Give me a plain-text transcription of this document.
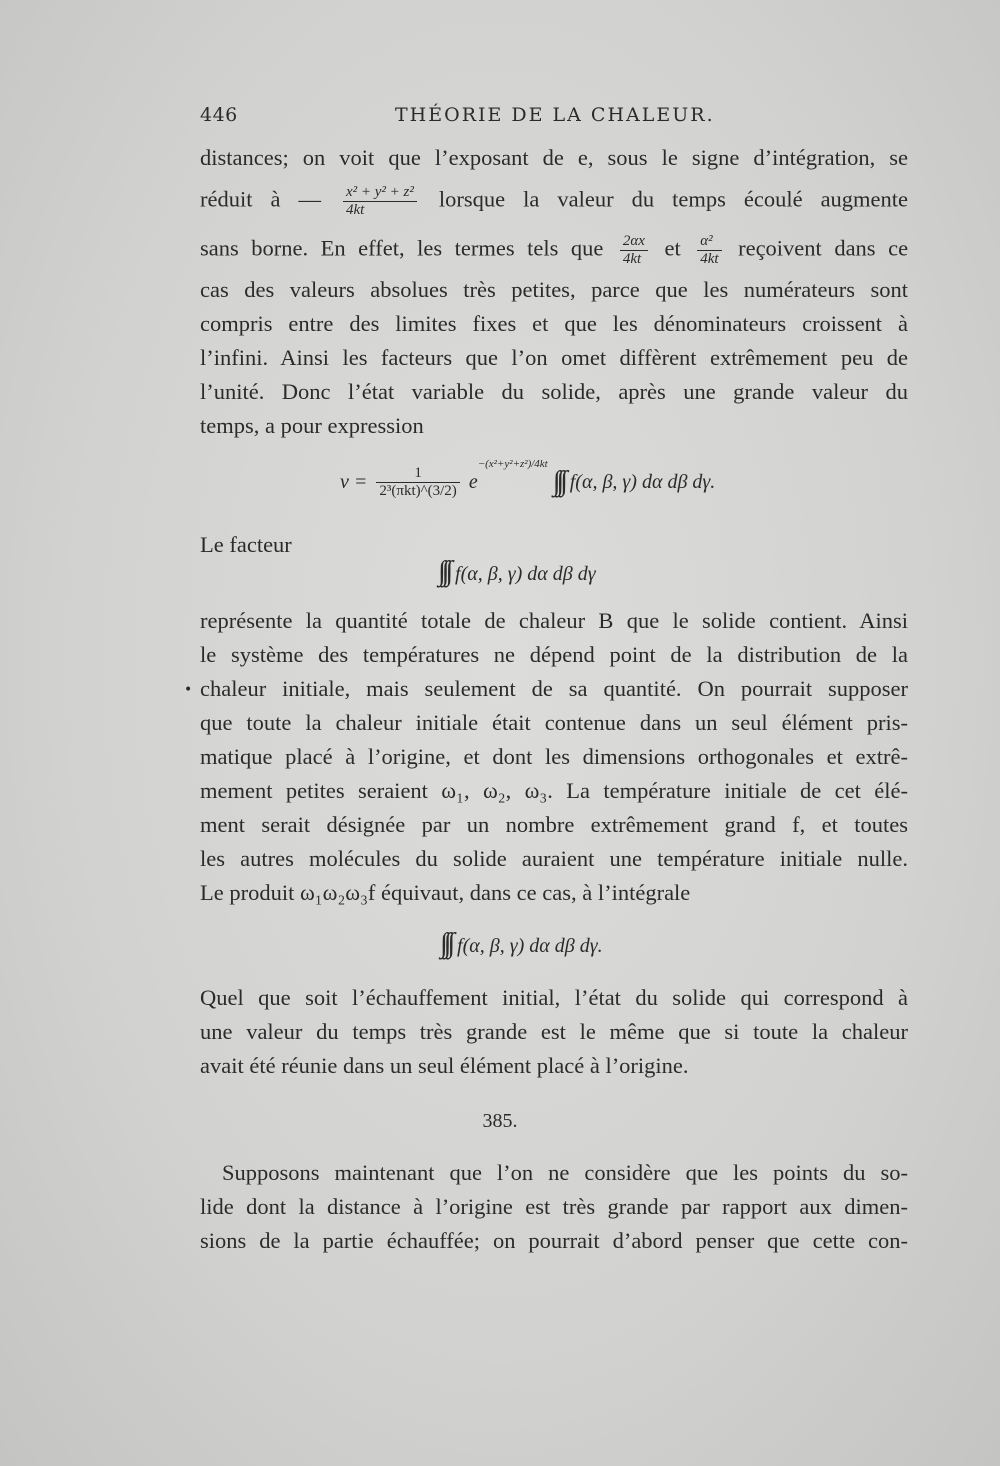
446	THÉORIE DE LA CHALEUR.
distances; on voit que l’exposant de e, sous le signe d’intégration, se
réduit à — $\frac{\text{x² + y² + z²}}{4kt}$ lorsque la valeur du temps écoulé augmente
sans borne. En effet, les termes tels que $\frac{2\alpha x}{4kt}$ et $\frac{\text{α²}}{4kt}$ reçoivent dans ce
cas des valeurs absolues très petites, parce que les numérateurs sont
compris entre des limites fixes et que les dénominateurs croissent à
l’infini. Ainsi les facteurs que l’on omet diffèrent extrêmement peu de
l’unité. Donc l’état variable du solide, après une grande valeur du
temps, a pour expression
$v = \frac{1}{\text{2³(πkt)\textasciicircum{}(3/2)}} e^{-(x^2+y^2+z^2)/4kt}$ ∫∫∫ f(α, β, γ) dα dβ dγ.
Le facteur
∫∫∫ f(α, β, γ) dα dβ dγ
représente la quantité totale de chaleur B que le solide contient. Ainsi
le système des températures ne dépend point de la distribution de la
• chaleur initiale, mais seulement de sa quantité. On pourrait supposer
que toute la chaleur initiale était contenue dans un seul élément pris-
matique placé à l’origine, et dont les dimensions orthogonales et extrê-
mement petites seraient ω₁, ω₂, ω₃. La température initiale de cet élé-
ment serait désignée par un nombre extrêmement grand f, et toutes
les autres molécules du solide auraient une température initiale nulle.
Le produit ω₁ω₂ω₃f équivaut, dans ce cas, à l’intégrale
∫∫∫ f(α, β, γ) dα dβ dγ.
Quel que soit l’échauffement initial, l’état du solide qui correspond à
une valeur du temps très grande est le même que si toute la chaleur
avait été réunie dans un seul élément placé à l’origine.
385.
Supposons maintenant que l’on ne considère que les points du so-
lide dont la distance à l’origine est très grande par rapport aux dimen-
sions de la partie échauffée; on pourrait d’abord penser que cette con-
